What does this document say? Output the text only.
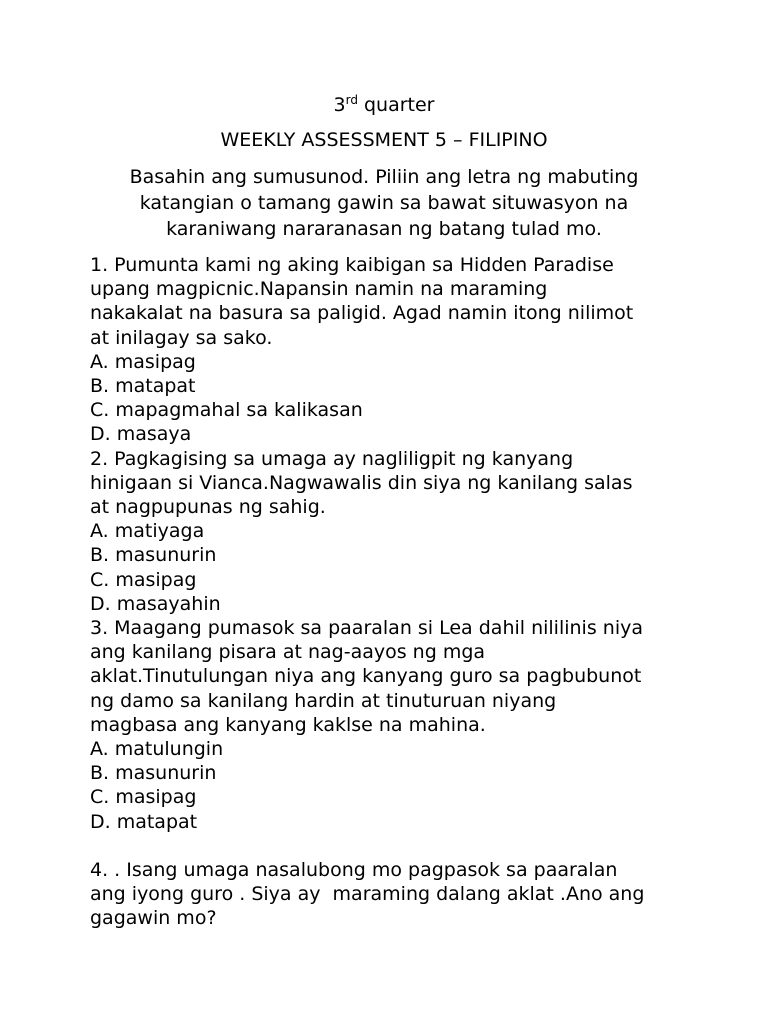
3rd quarter

WEEKLY ASSESSMENT 5 – FILIPINO

Basahin ang sumusunod. Piliin ang letra ng mabuting

katangian o tamang gawin sa bawat situwasyon na

karaniwang nararanasan ng batang tulad mo.

1. Pumunta kami ng aking kaibigan sa Hidden Paradise

upang magpicnic.Napansin namin na maraming

nakakalat na basura sa paligid. Agad namin itong nilimot

at inilagay sa sako.

A. masipag

B. matapat

C. mapagmahal sa kalikasan

D. masaya

2. Pagkagising sa umaga ay nagliligpit ng kanyang

hinigaan si Vianca.Nagwawalis din siya ng kanilang salas

at nagpupunas ng sahig.

A. matiyaga

B. masunurin

C. masipag

D. masayahin

3. Maagang pumasok sa paaralan si Lea dahil nililinis niya

ang kanilang pisara at nag-aayos ng mga

aklat.Tinutulungan niya ang kanyang guro sa pagbubunot

ng damo sa kanilang hardin at tinuturuan niyang

magbasa ang kanyang kaklse na mahina.

A. matulungin

B. masunurin

C. masipag

D. matapat

4. . Isang umaga nasalubong mo pagpasok sa paaralan

ang iyong guro . Siya ay  maraming dalang aklat .Ano ang

gagawin mo?
